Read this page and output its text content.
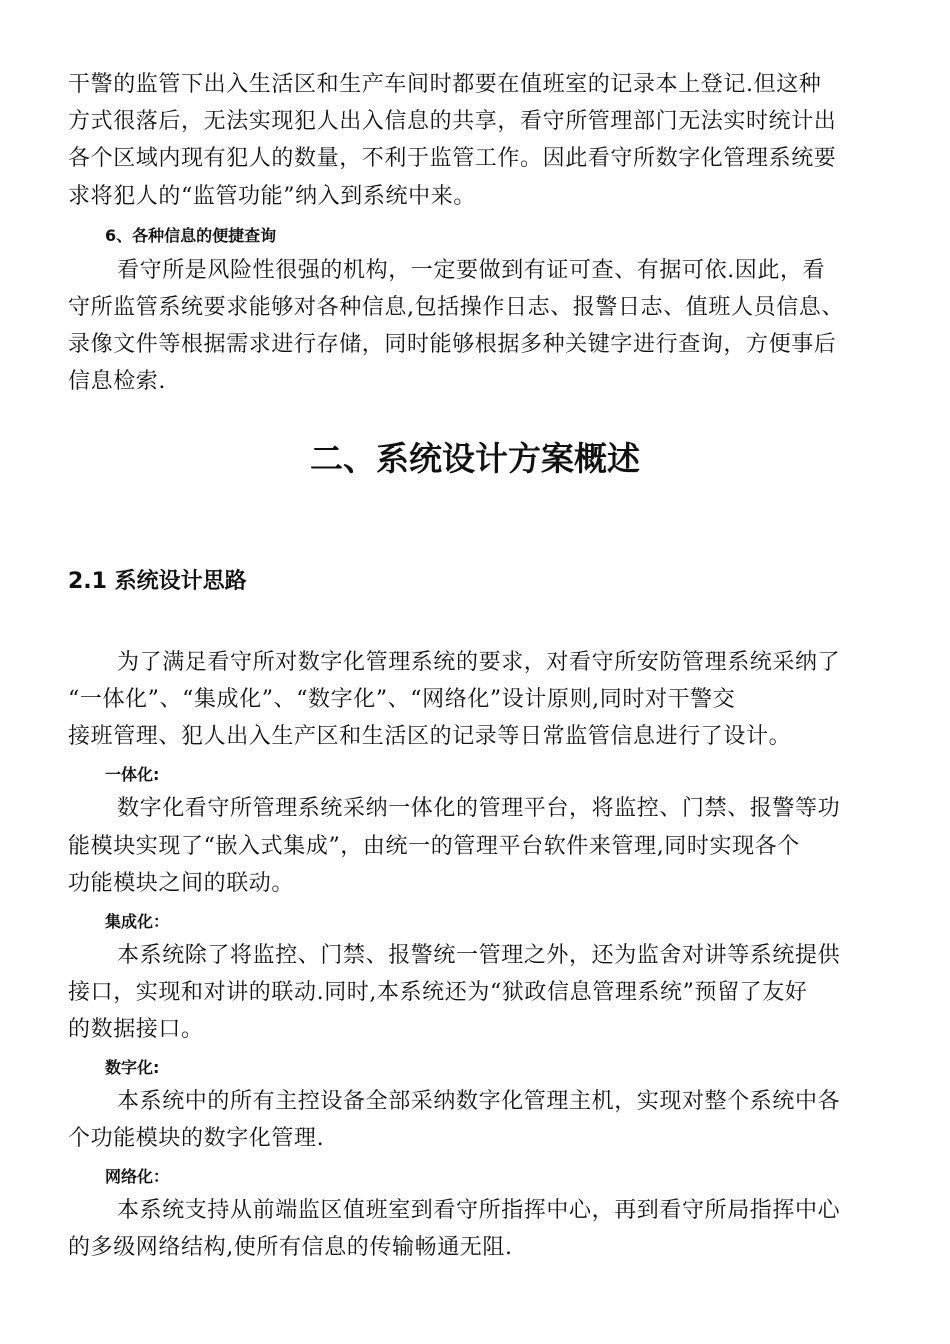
干警的监管下出入生活区和生产车间时都要在值班室的记录本上登记.但这种
方式很落后，无法实现犯人出入信息的共享，看守所管理部门无法实时统计出
各个区域内现有犯人的数量，不利于监管工作。因此看守所数字化管理系统要
求将犯人的“监管功能”纳入到系统中来。
6、各种信息的便捷查询
看守所是风险性很强的机构，一定要做到有证可查、有据可依.因此，看
守所监管系统要求能够对各种信息,包括操作日志、报警日志、值班人员信息、
录像文件等根据需求进行存储，同时能够根据多种关键字进行查询，方便事后
信息检索.
二、系统设计方案概述
2.1 系统设计思路
为了满足看守所对数字化管理系统的要求，对看守所安防管理系统采纳了
“一体化”、“集成化”、“数字化”、“网络化”设计原则,同时对干警交
接班管理、犯人出入生产区和生活区的记录等日常监管信息进行了设计。
一体化:
数字化看守所管理系统采纳一体化的管理平台，将监控、门禁、报警等功
能模块实现了“嵌入式集成”，由统一的管理平台软件来管理,同时实现各个
功能模块之间的联动。
集成化：
本系统除了将监控、门禁、报警统一管理之外，还为监舍对讲等系统提供
接口，实现和对讲的联动.同时,本系统还为“狱政信息管理系统”预留了友好
的数据接口。
数字化:
本系统中的所有主控设备全部采纳数字化管理主机，实现对整个系统中各
个功能模块的数字化管理.
网络化：
本系统支持从前端监区值班室到看守所指挥中心，再到看守所局指挥中心
的多级网络结构,使所有信息的传输畅通无阻.
